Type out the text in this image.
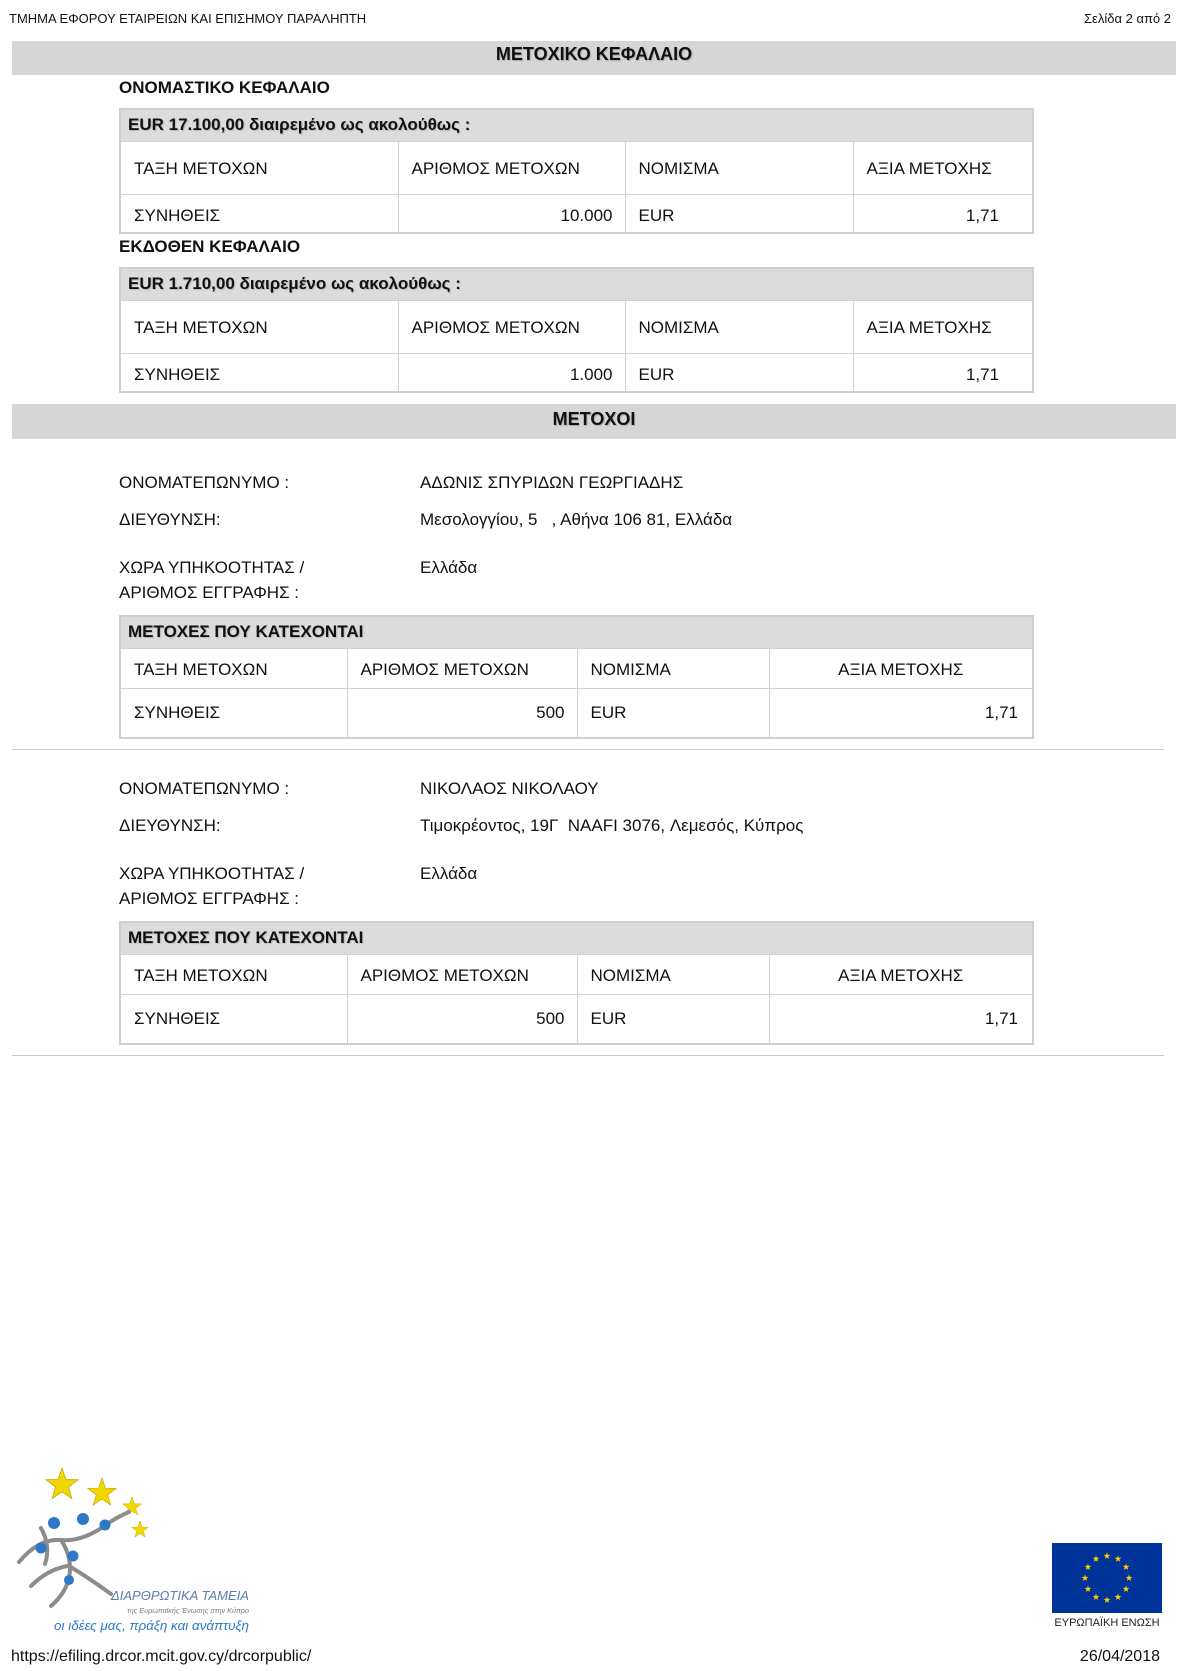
ΤΜΗΜΑ ΕΦΟΡΟΥ ΕΤΑΙΡΕΙΩΝ ΚΑΙ ΕΠΙΣΗΜΟΥ ΠΑΡΑΛΗΠΤΗ	Σελίδα 2 από 2
ΜΕΤΟΧΙΚΟ ΚΕΦΑΛΑΙΟ
ΟΝΟΜΑΣΤΙΚΟ ΚΕΦΑΛΑΙΟ
EUR 17.100,00 διαιρεμένο ως ακολούθως :			
ΤΑΞΗ ΜΕΤΟΧΩΝ	ΑΡΙΘΜΟΣ ΜΕΤΟΧΩΝ	ΝΟΜΙΣΜΑ	ΑΞΙΑ ΜΕΤΟΧΗΣ
ΣΥΝΗΘΕΙΣ	10.000	EUR	1,71
ΕΚΔΟΘΕΝ ΚΕΦΑΛΑΙΟ
EUR 1.710,00 διαιρεμένο ως ακολούθως :			
ΤΑΞΗ ΜΕΤΟΧΩΝ	ΑΡΙΘΜΟΣ ΜΕΤΟΧΩΝ	ΝΟΜΙΣΜΑ	ΑΞΙΑ ΜΕΤΟΧΗΣ
ΣΥΝΗΘΕΙΣ	1.000	EUR	1,71
ΜΕΤΟΧΟΙ
ΟΝΟΜΑΤΕΠΩΝΥΜΟ :	ΑΔΩΝΙΣ ΣΠΥΡΙΔΩΝ ΓΕΩΡΓΙΑΔΗΣ
ΔΙΕΥΘΥΝΣΗ:	Μεσολογγίου, 5   , Αθήνα 106 81, Ελλάδα
ΧΩΡΑ ΥΠΗΚΟΟΤΗΤΑΣ /
ΑΡΙΘΜΟΣ ΕΓΓΡΑΦΗΣ :
Ελλάδα
ΜΕΤΟΧΕΣ ΠΟΥ ΚΑΤΕΧΟΝΤΑΙ			
ΤΑΞΗ ΜΕΤΟΧΩΝ	ΑΡΙΘΜΟΣ ΜΕΤΟΧΩΝ	ΝΟΜΙΣΜΑ	ΑΞΙΑ ΜΕΤΟΧΗΣ
ΣΥΝΗΘΕΙΣ	500	EUR	1,71
ΟΝΟΜΑΤΕΠΩΝΥΜΟ :	ΝΙΚΟΛΑΟΣ ΝΙΚΟΛΑΟΥ
ΔΙΕΥΘΥΝΣΗ:	Τιμοκρέοντος, 19Γ  NAAFI 3076, Λεμεσός, Κύπρος
ΧΩΡΑ ΥΠΗΚΟΟΤΗΤΑΣ /
ΑΡΙΘΜΟΣ ΕΓΓΡΑΦΗΣ :
Ελλάδα
ΜΕΤΟΧΕΣ ΠΟΥ ΚΑΤΕΧΟΝΤΑΙ			
ΤΑΞΗ ΜΕΤΟΧΩΝ	ΑΡΙΘΜΟΣ ΜΕΤΟΧΩΝ	ΝΟΜΙΣΜΑ	ΑΞΙΑ ΜΕΤΟΧΗΣ
ΣΥΝΗΘΕΙΣ	500	EUR	1,71
ΔΙΑΡΘΡΩΤΙΚΑ ΤΑΜΕΙΑ
της Ευρωπαϊκής Ένωσης στην Κύπρο
οι ιδέες μας, πράξη και ανάπτυξη	ΕΥΡΩΠΑΪΚΗ ΕΝΩΣΗ
https://efiling.drcor.mcit.gov.cy/drcorpublic/	26/04/2018
